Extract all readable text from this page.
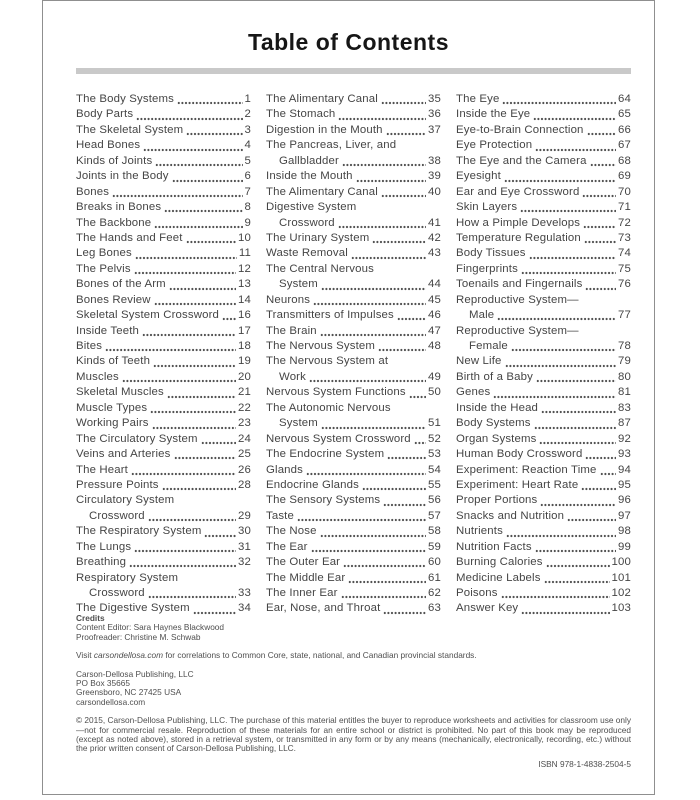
Table of Contents
The Body Systems	1
Body Parts	2
The Skeletal System	3
Head Bones	4
Kinds of Joints	5
Joints in the Body	6
Bones	7
Breaks in Bones	8
The Backbone	9
The Hands and Feet	10
Leg Bones	11
The Pelvis	12
Bones of the Arm	13
Bones Review	14
Skeletal System Crossword 16
Inside Teeth	17
Bites	18
Kinds of Teeth	19
Muscles	20
Skeletal Muscles	21
Muscle Types	22
Working Pairs	23
The Circulatory System	24
Veins and Arteries	25
The Heart	26
Pressure Points	28
Circulatory System
Crossword	29
The Respiratory System	30
The Lungs	31
Breathing	32
Respiratory System
Crossword	33
The Digestive System	34
The Alimentary Canal	35
The Stomach	36
Digestion in the Mouth	37
The Pancreas, Liver, and
Gallbladder	38
Inside the Mouth	39
The Alimentary Canal	40
Digestive System
Crossword	41
The Urinary System	42
Waste Removal	43
The Central Nervous
System	44
Neurons	45
Transmitters of Impulses	46
The Brain	47
The Nervous System	48
The Nervous System at
Work	49
Nervous System Functions 50
The Autonomic Nervous
System	51
Nervous System Crossword 52
The Endocrine System	53
Glands	54
Endocrine Glands	55
The Sensory Systems	56
Taste	57
The Nose	58
The Ear	59
The Outer Ear	60
The Middle Ear	61
The Inner Ear	62
Ear, Nose, and Throat	63
The Eye	64
Inside the Eye	65
Eye-to-Brain Connection	66
Eye Protection	67
The Eye and the Camera	68
Eyesight	69
Ear and Eye Crossword	70
Skin Layers	71
How a Pimple Develops	72
Temperature Regulation	73
Body Tissues	74
Fingerprints	75
Toenails and Fingernails	76
Reproductive System—
Male	77
Reproductive System—
Female	78
New Life	79
Birth of a Baby	80
Genes	81
Inside the Head	83
Body Systems	87
Organ Systems	92
Human Body Crossword	93
Experiment: Reaction Time 94
Experiment: Heart Rate	95
Proper Portions	96
Snacks and Nutrition	97
Nutrients	98
Nutrition Facts	99
Burning Calories	100
Medicine Labels	101
Poisons	102
Answer Key	103
Credits
Content Editor: Sara Haynes Blackwood
Proofreader: Christine M. Schwab
Visit carsondellosa.com for correlations to Common Core, state, national, and Canadian provincial standards.
Carson-Dellosa Publishing, LLC
PO Box 35665
Greensboro, NC 27425 USA
carsondellosa.com
© 2015, Carson-Dellosa Publishing, LLC. The purchase of this material entitles the buyer to reproduce worksheets and activities for classroom use only—not for commercial resale. Reproduction of these materials for an entire school or district is prohibited. No part of this book may be reproduced (except as noted above), stored in a retrieval system, or transmitted in any form or by any means (mechanically, electronically, recording, etc.) without the prior written consent of Carson-Dellosa Publishing, LLC.
ISBN 978-1-4838-2504-5
